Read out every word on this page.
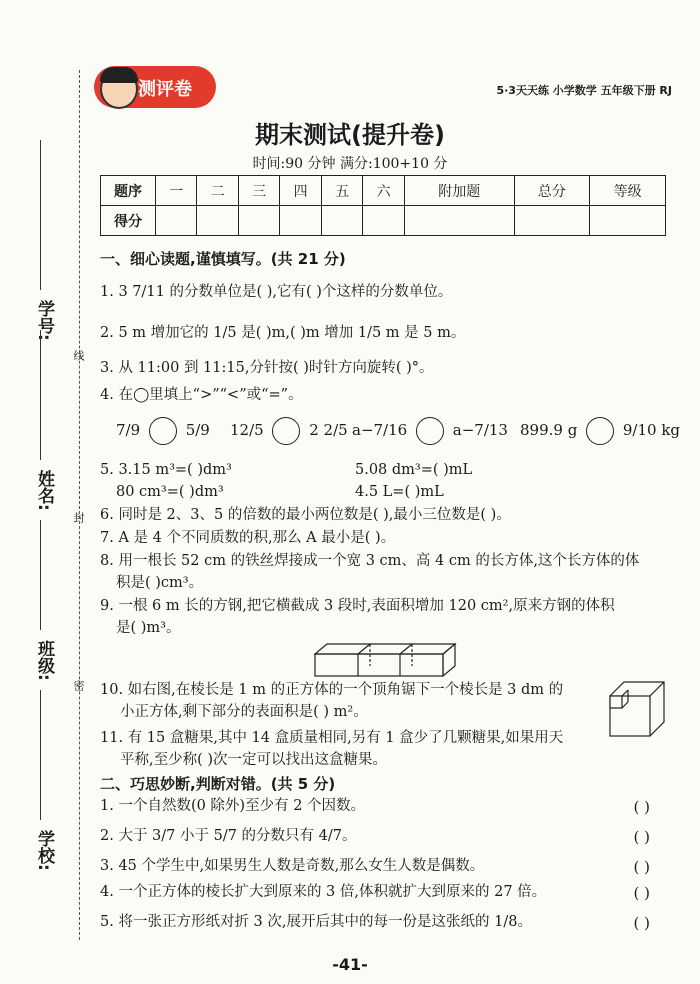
学号:
姓名:
班级:
学校:
线
封
密
测评卷	5·3天天练 小学数学 五年级下册 RJ
期末测试(提升卷)
时间:90 分钟 满分:100+10 分
题序	一	二	三	四	五	六	附加题	总分	等级
得分									
一、细心读题,谨慎填写。(共 21 分)
1. 3 7/11 的分数单位是( ),它有( )个这样的分数单位。
2. 5 m 增加它的 1/5 是( )m,( )m 增加 1/5 m 是 5 m。
3. 从 11:00 到 11:15,分针按( )时针方向旋转( )°。
4. 在◯里填上“>”“<”或“=”。
7/9	5/9 12/5	2 2/5 a−7/16	a−7/13 899.9 g	9/10 kg
5. 3.15 m³=( )dm³	5.08 dm³=( )mL
80 cm³=( )dm³	4.5 L=( )mL
6. 同时是 2、3、5 的倍数的最小两位数是( ),最小三位数是( )。
7. A 是 4 个不同质数的积,那么 A 最小是( )。
8. 用一根长 52 cm 的铁丝焊接成一个宽 3 cm、高 4 cm 的长方体,这个长方体的体
积是( )cm³。
9. 一根 6 m 长的方钢,把它横截成 3 段时,表面积增加 120 cm²,原来方钢的体积
是( )m³。
10. 如右图,在棱长是 1 m 的正方体的一个顶角锯下一个棱长是 3 dm 的
小正方体,剩下部分的表面积是( ) m²。
11. 有 15 盒糖果,其中 14 盒质量相同,另有 1 盒少了几颗糖果,如果用天
平称,至少称( )次一定可以找出这盒糖果。
二、巧思妙断,判断对错。(共 5 分)
1. 一个自然数(0 除外)至少有 2 个因数。	( )
2. 大于 3/7 小于 5/7 的分数只有 4/7。	( )
3. 45 个学生中,如果男生人数是奇数,那么女生人数是偶数。	( )
4. 一个正方体的棱长扩大到原来的 3 倍,体积就扩大到原来的 27 倍。	( )
5. 将一张正方形纸对折 3 次,展开后其中的每一份是这张纸的 1/8。	( )
-41-
